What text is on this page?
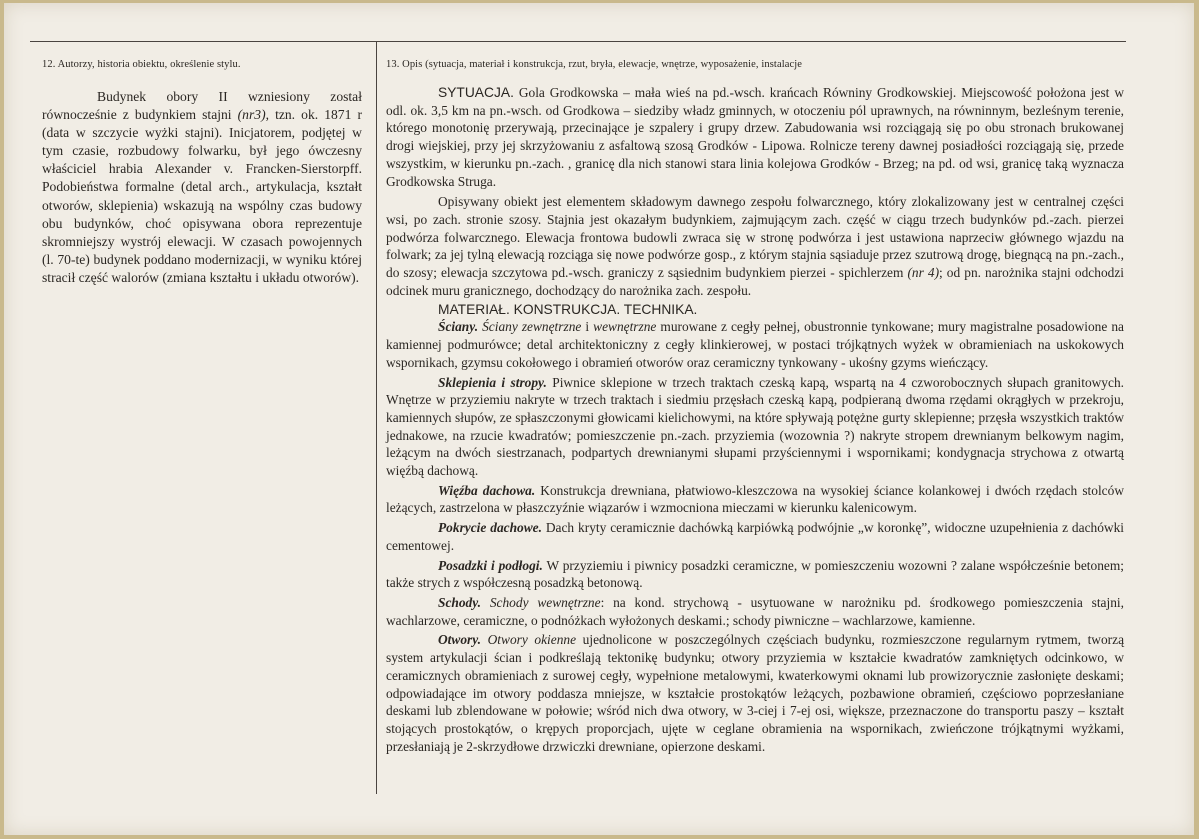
12. Autorzy, historia obiektu, określenie stylu.

Budynek obory II wzniesiony został równocześnie z budynkiem stajni (nr3), tzn. ok. 1871 r (data w szczycie wyżki stajni). Inicjatorem, podjętej w tym czasie, rozbudowy folwarku, był jego ówczesny właściciel hrabia Alexander v. Francken-Sierstorpff. Podobieństwa formalne (detal arch., artykulacja, kształt otworów, sklepienia) wskazują na wspólny czas budowy obu budynków, choć opisywana obora reprezentuje skromniejszy wystrój elewacji. W czasach powojennych (l. 70-te) budynek poddano modernizacji, w wyniku której stracił część walorów (zmiana kształtu i układu otworów).

13. Opis (sytuacja, materiał i konstrukcja, rzut, bryła, elewacje, wnętrze, wyposażenie, instalacje

SYTUACJA. Gola Grodkowska – mała wieś na pd.-wsch. krańcach Równiny Grodkowskiej. Miejscowość położona jest w odl. ok. 3,5 km na pn.-wsch. od Grodkowa – siedziby władz gminnych, w otoczeniu pól uprawnych, na równinnym, bezleśnym terenie, którego monotonię przerywają, przecinające je szpalery i grupy drzew. Zabudowania wsi rozciągają się po obu stronach brukowanej drogi wiejskiej, przy jej skrzyżowaniu z asfaltową szosą Grodków - Lipowa. Rolnicze tereny dawnej posiadłości rozciągają się, przede wszystkim, w kierunku pn.-zach. , granicę dla nich stanowi stara linia kolejowa Grodków - Brzeg; na pd. od wsi, granicę taką wyznacza Grodkowska Struga.

Opisywany obiekt jest elementem składowym dawnego zespołu folwarcznego, który zlokalizowany jest w centralnej części wsi, po zach. stronie szosy. Stajnia jest okazałym budynkiem, zajmującym zach. część w ciągu trzech budynków pd.-zach. pierzei podwórza folwarcznego. Elewacja frontowa budowli zwraca się w stronę podwórza i jest ustawiona naprzeciw głównego wjazdu na folwark; za jej tylną elewacją rozciąga się nowe podwórze gosp., z którym stajnia sąsiaduje przez szutrową drogę, biegnącą na pn.-zach., do szosy; elewacja szczytowa pd.-wsch. graniczy z sąsiednim budynkiem pierzei - spichlerzem (nr 4); od pn. narożnika stajni odchodzi odcinek muru granicznego, dochodzący do narożnika zach. zespołu.

MATERIAŁ. KONSTRUKCJA. TECHNIKA.

Ściany. Ściany zewnętrzne i wewnętrzne murowane z cegły pełnej, obustronnie tynkowane; mury magistralne posadowione na kamiennej podmurówce; detal architektoniczny z cegły klinkierowej, w postaci trójkątnych wyżek w obramieniach na uskokowych wspornikach, gzymsu cokołowego i obramień otworów oraz ceramiczny tynkowany - ukośny gzyms wieńczący.

Sklepienia i stropy. Piwnice sklepione w trzech traktach czeską kapą, wspartą na 4 czworobocznych słupach granitowych. Wnętrze w przyziemiu nakryte w trzech traktach i siedmiu przęsłach czeską kapą, podpieraną dwoma rzędami okrągłych w przekroju, kamiennych słupów, ze spłaszczonymi głowicami kielichowymi, na które spływają potężne gurty sklepienne; przęsła wszystkich traktów jednakowe, na rzucie kwadratów; pomieszczenie pn.-zach. przyziemia (wozownia ?) nakryte stropem drewnianym belkowym nagim, leżącym na dwóch siestrzanach, podpartych drewnianymi słupami przyściennymi i wspornikami; kondygnacja strychowa z otwartą więźbą dachową.

Więźba dachowa. Konstrukcja drewniana, płatwiowo-kleszczowa na wysokiej ściance kolankowej i dwóch rzędach stolców leżących, zastrzelona w płaszczyźnie wiązarów i wzmocniona mieczami w kierunku kalenicowym.

Pokrycie dachowe. Dach kryty ceramicznie dachówką karpiówką podwójnie „w koronkę”, widoczne uzupełnienia z dachówki cementowej.

Posadzki i podłogi. W przyziemiu i piwnicy posadzki ceramiczne, w pomieszczeniu wozowni ? zalane współcześnie betonem; także strych z współczesną posadzką betonową.

Schody. Schody wewnętrzne: na kond. strychową - usytuowane w narożniku pd. środkowego pomieszczenia stajni, wachlarzowe, ceramiczne, o podnóżkach wyłożonych deskami.; schody piwniczne – wachlarzowe, kamienne.

Otwory. Otwory okienne ujednolicone w poszczególnych częściach budynku, rozmieszczone regularnym rytmem, tworzą system artykulacji ścian i podkreślają tektonikę budynku; otwory przyziemia w kształcie kwadratów zamkniętych odcinkowo, w ceramicznych obramieniach z surowej cegły, wypełnione metalowymi, kwaterkowymi oknami lub prowizorycznie zasłonięte deskami; odpowiadające im otwory poddasza mniejsze, w kształcie prostokątów leżących, pozbawione obramień, częściowo poprzesłaniane deskami lub zblendowane w połowie; wśród nich dwa otwory, w 3-ciej i 7-ej osi, większe, przeznaczone do transportu paszy – kształt stojących prostokątów, o krępych proporcjach, ujęte w ceglane obramienia na wspornikach, zwieńczone trójkątnymi wyżkami, przesłaniają je 2-skrzydłowe drzwiczki drewniane, opierzone deskami.
